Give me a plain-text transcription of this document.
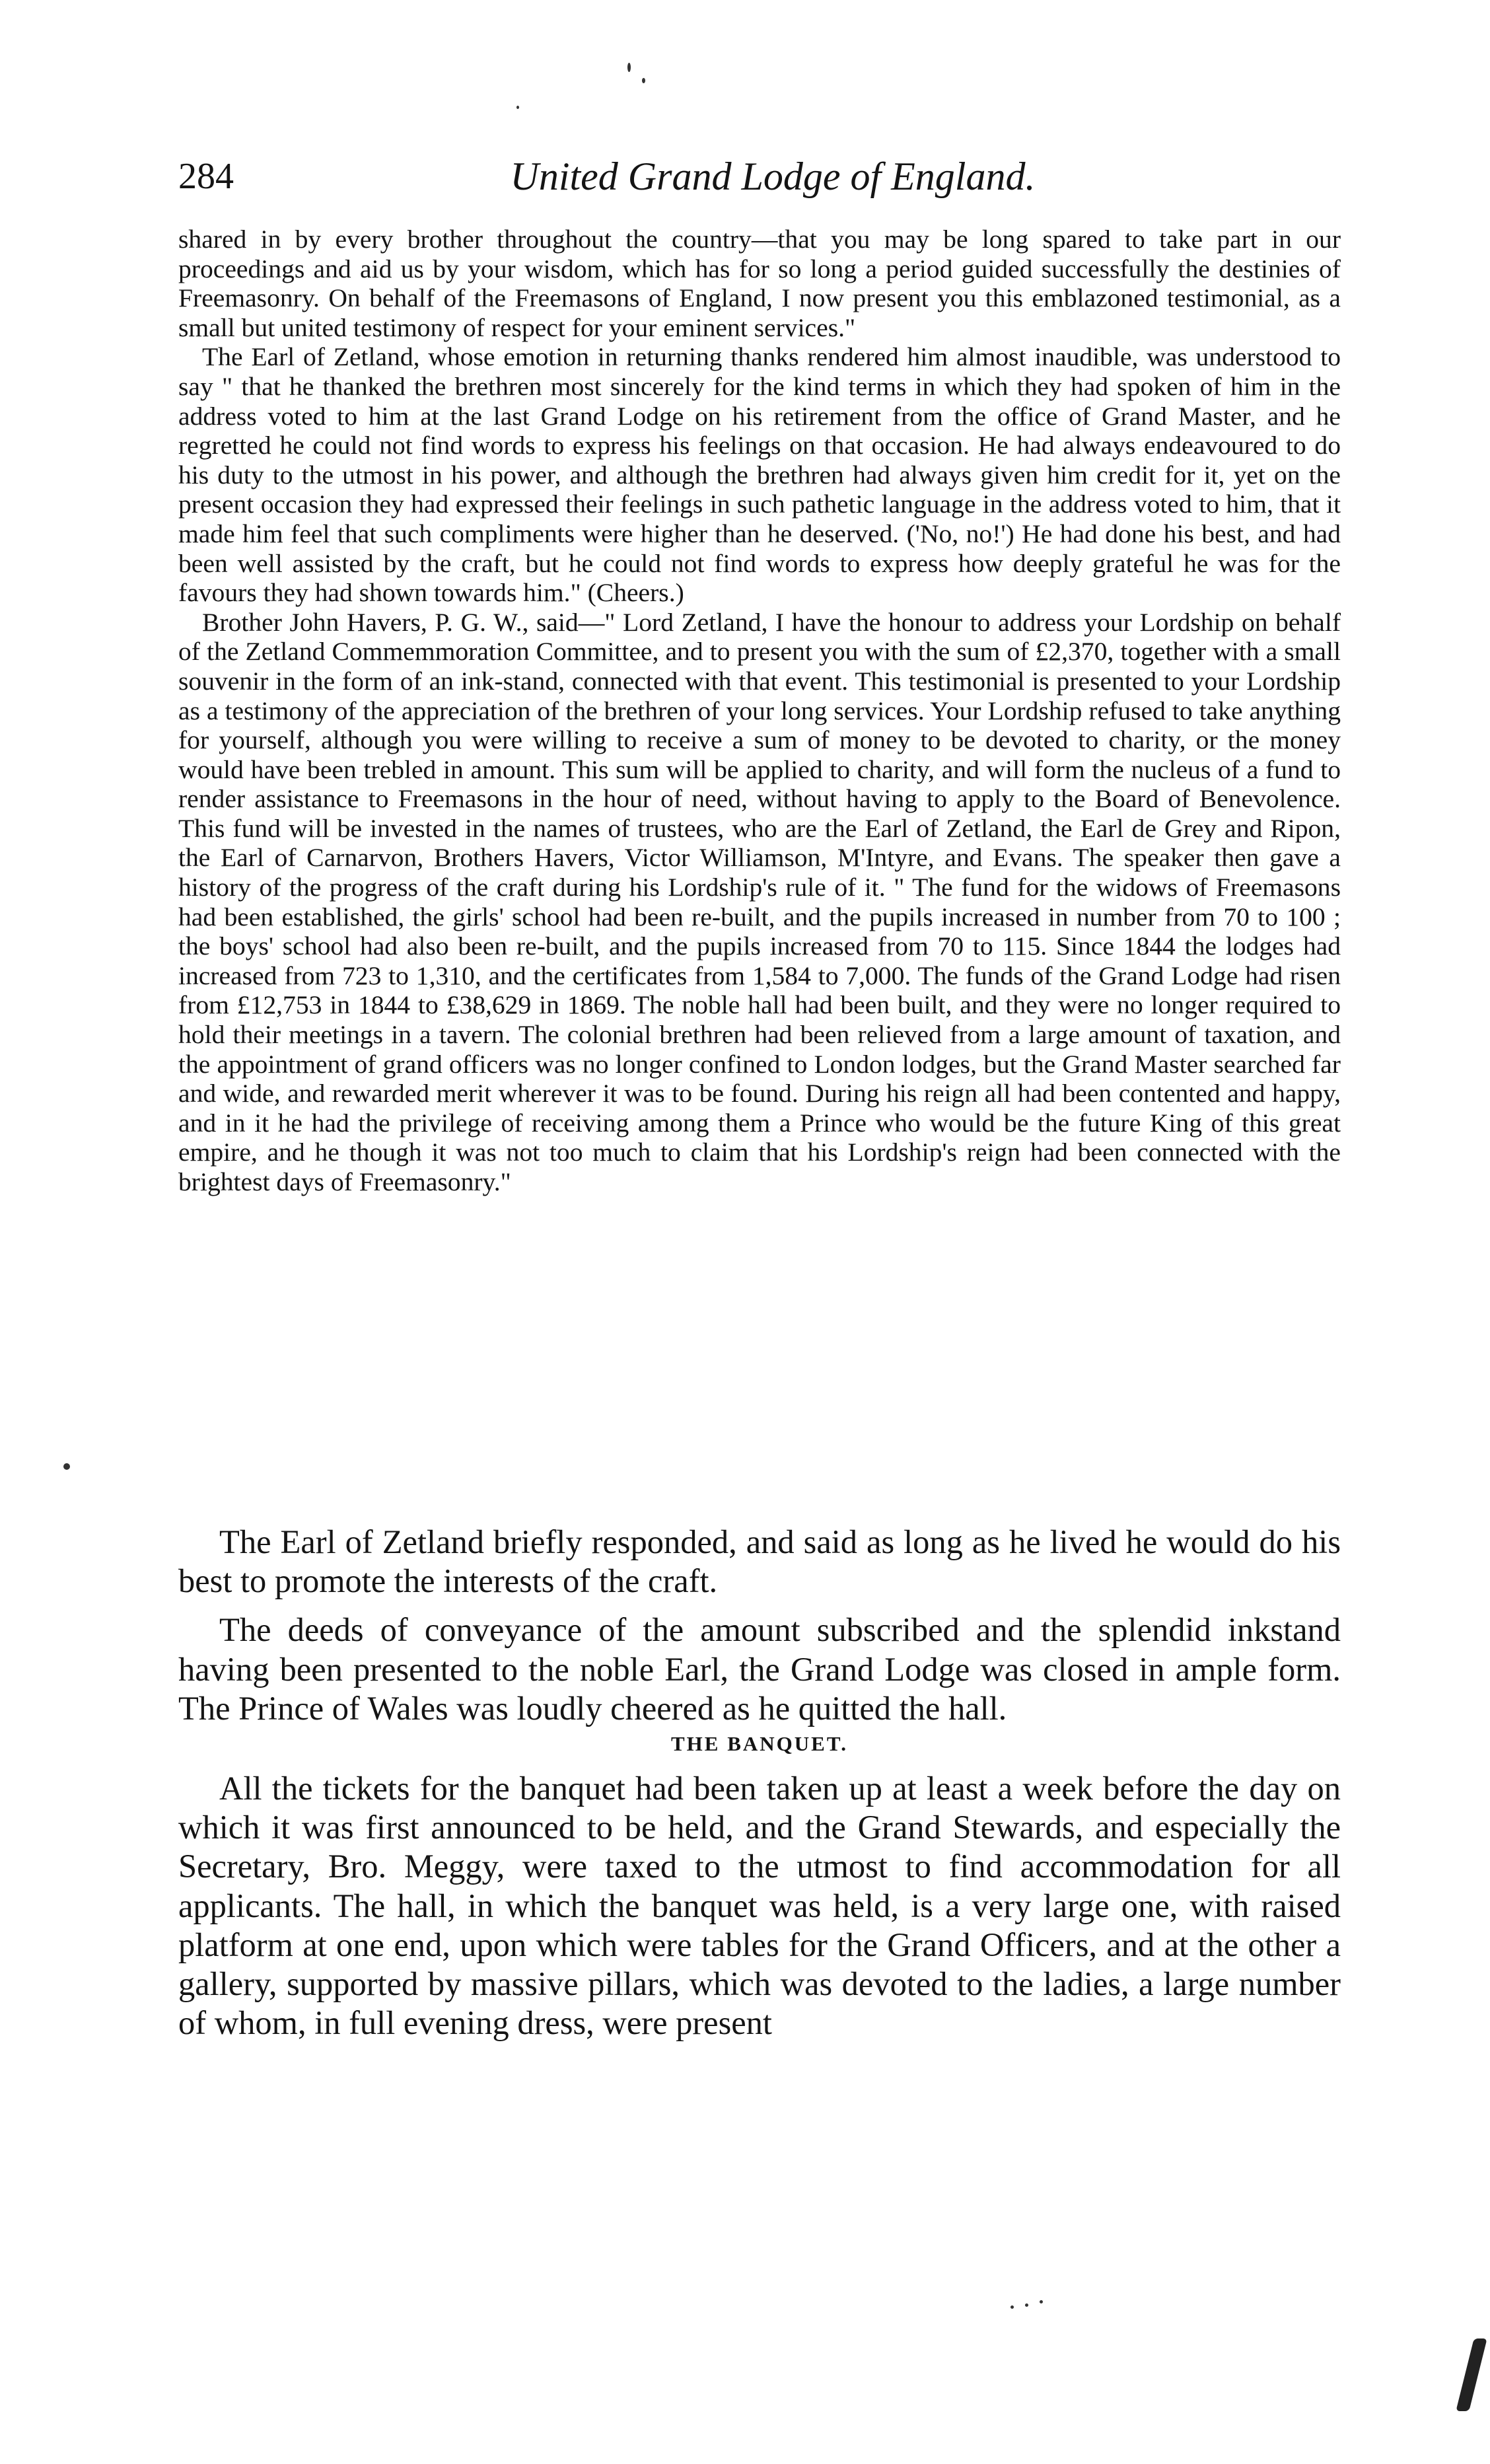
284	United Grand Lodge of England.

shared in by every brother throughout the country—that you may be long spared to take part in our proceedings and aid us by your wisdom, which has for so long a period guided successfully the destinies of Freemasonry. On behalf of the Freemasons of England, I now present you this emblazoned testimonial, as a small but united testimony of respect for your eminent services."

The Earl of Zetland, whose emotion in returning thanks rendered him almost inaudible, was understood to say " that he thanked the brethren most sincerely for the kind terms in which they had spoken of him in the address voted to him at the last Grand Lodge on his retirement from the office of Grand Master, and he regretted he could not find words to express his feelings on that occasion. He had always endeavoured to do his duty to the utmost in his power, and although the brethren had always given him credit for it, yet on the present occasion they had expressed their feelings in such pathetic language in the address voted to him, that it made him feel that such compliments were higher than he deserved. ('No, no!') He had done his best, and had been well assisted by the craft, but he could not find words to express how deeply grateful he was for the favours they had shown towards him." (Cheers.)

Brother John Havers, P. G. W., said—" Lord Zetland, I have the honour to address your Lordship on behalf of the Zetland Commemmoration Committee, and to present you with the sum of £2,370, together with a small souvenir in the form of an ink-stand, connected with that event. This testimonial is presented to your Lordship as a testimony of the appreciation of the brethren of your long services. Your Lordship refused to take anything for yourself, although you were willing to receive a sum of money to be devoted to charity, or the money would have been trebled in amount. This sum will be applied to charity, and will form the nucleus of a fund to render assistance to Freemasons in the hour of need, without having to apply to the Board of Benevolence. This fund will be invested in the names of trustees, who are the Earl of Zetland, the Earl de Grey and Ripon, the Earl of Carnarvon, Brothers Havers, Victor Williamson, M'Intyre, and Evans. The speaker then gave a history of the progress of the craft during his Lordship's rule of it. " The fund for the widows of Freemasons had been established, the girls' school had been re-built, and the pupils increased in number from 70 to 100 ; the boys' school had also been re-built, and the pupils increased from 70 to 115. Since 1844 the lodges had increased from 723 to 1,310, and the certificates from 1,584 to 7,000. The funds of the Grand Lodge had risen from £12,753 in 1844 to £38,629 in 1869. The noble hall had been built, and they were no longer required to hold their meetings in a tavern. The colonial brethren had been relieved from a large amount of taxation, and the appointment of grand officers was no longer confined to London lodges, but the Grand Master searched far and wide, and rewarded merit wherever it was to be found. During his reign all had been contented and happy, and in it he had the privilege of receiving among them a Prince who would be the future King of this great empire, and he though it was not too much to claim that his Lordship's reign had been connected with the brightest days of Freemasonry."

The Earl of Zetland briefly responded, and said as long as he lived he would do his best to promote the interests of the craft.

The deeds of conveyance of the amount subscribed and the splendid inkstand having been presented to the noble Earl, the Grand Lodge was closed in ample form. The Prince of Wales was loudly cheered as he quitted the hall.

THE BANQUET.

All the tickets for the banquet had been taken up at least a week before the day on which it was first announced to be held, and the Grand Stewards, and especially the Secretary, Bro. Meggy, were taxed to the utmost to find accommodation for all applicants. The hall, in which the banquet was held, is a very large one, with raised platform at one end, upon which were tables for the Grand Officers, and at the other a gallery, supported by massive pillars, which was devoted to the ladies, a large number of whom, in full evening dress, were present
